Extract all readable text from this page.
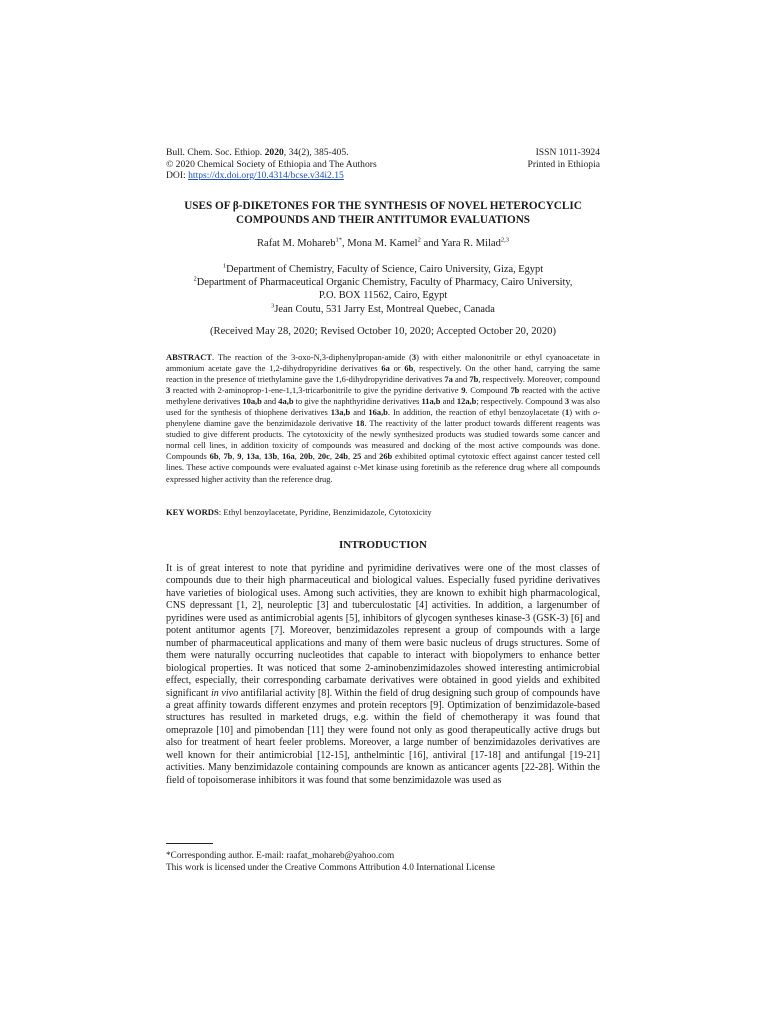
Bull. Chem. Soc. Ethiop. 2020, 34(2), 385-405.	ISSN 1011-3924
© 2020 Chemical Society of Ethiopia and The Authors	Printed in Ethiopia
DOI: https://dx.doi.org/10.4314/bcse.v34i2.15
USES OF β-DIKETONES FOR THE SYNTHESIS OF NOVEL HETEROCYCLIC
COMPOUNDS AND THEIR ANTITUMOR EVALUATIONS
Rafat M. Mohareb$^{1*}$, Mona M. Kamel$^2$ and Yara R. Milad$^{2,3}$
$^1$Department of Chemistry, Faculty of Science, Cairo University, Giza, Egypt
$^2$Department of Pharmaceutical Organic Chemistry, Faculty of Pharmacy, Cairo University,
P.O. BOX 11562, Cairo, Egypt
$^3$Jean Coutu, 531 Jarry Est, Montreal Quebec, Canada
(Received May 28, 2020; Revised October 10, 2020; Accepted October 20, 2020)
ABSTRACT. The reaction of the 3-oxo-N,3-diphenylpropan-amide (3) with either malononitrile or ethyl cyanoacetate in ammonium acetate gave the 1,2-dihydropyridine derivatives 6a or 6b, respectively. On the other hand, carrying the same reaction in the presence of triethylamine gave the 1,6-dihydropyridine derivatives 7a and 7b, respectively. Moreover, compound 3 reacted with 2-aminoprop-1-ene-1,1,3-tricarbonitrile to give the pyridine derivative 9. Compound 7b reacted with the active methylene derivatives 10a,b and 4a,b to give the naphthyridine derivatives 11a,b and 12a,b; respectively. Compound 3 was also used for the synthesis of thiophene derivatives 13a,b and 16a,b. In addition, the reaction of ethyl benzoylacetate (1) with o-phenylene diamine gave the benzimidazole derivative 18. The reactivity of the latter product towards different reagents was studied to give different products. The cytotoxicity of the newly synthesized products was studied towards some cancer and normal cell lines, in addition toxicity of compounds was measured and docking of the most active compounds was done. Compounds 6b, 7b, 9, 13a, 13b, 16a, 20b, 20c, 24b, 25 and 26b exhibited optimal cytotoxic effect against cancer tested cell lines. These active compounds were evaluated against c-Met kinase using foretinib as the reference drug where all compounds expressed higher activity than the reference drug.
KEY WORDS: Ethyl benzoylacetate, Pyridine, Benzimidazole, Cytotoxicity
INTRODUCTION
It is of great interest to note that pyridine and pyrimidine derivatives were one of the most classes of compounds due to their high pharmaceutical and biological values. Especially fused pyridine derivatives have varieties of biological uses. Among such activities, they are known to exhibit high pharmacological, CNS depressant [1, 2], neuroleptic [3] and tuberculostatic [4] activities. In addition, a largenumber of pyridines were used as antimicrobial agents [5], inhibitors of glycogen syntheses kinase-3 (GSK-3) [6] and potent antitumor agents [7]. Moreover, benzimidazoles represent a group of compounds with a large number of pharmaceutical applications and many of them were basic nucleus of drugs structures. Some of them were naturally occurring nucleotides that capable to interact with biopolymers to enhance better biological properties. It was noticed that some 2-aminobenzimidazoles showed interesting antimicrobial effect, especially, their corresponding carbamate derivatives were obtained in good yields and exhibited significant in vivo antifilarial activity [8]. Within the field of drug designing such group of compounds have a great affinity towards different enzymes and protein receptors [9]. Optimization of benzimidazole-based structures has resulted in marketed drugs, e.g. within the field of chemotherapy it was found that omeprazole [10] and pimobendan [11] they were found not only as good therapeutically active drugs but also for treatment of heart feeler problems. Moreover, a large number of benzimidazoles derivatives are well known for their antimicrobial [12-15], anthelmintic [16], antiviral [17-18] and antifungal [19-21] activities. Many benzimidazole containing compounds are known as anticancer agents [22-28]. Within the field of topoisomerase inhibitors it was found that some benzimidazole was used as
*Corresponding author. E-mail: raafat_mohareb@yahoo.com
This work is licensed under the Creative Commons Attribution 4.0 International License
